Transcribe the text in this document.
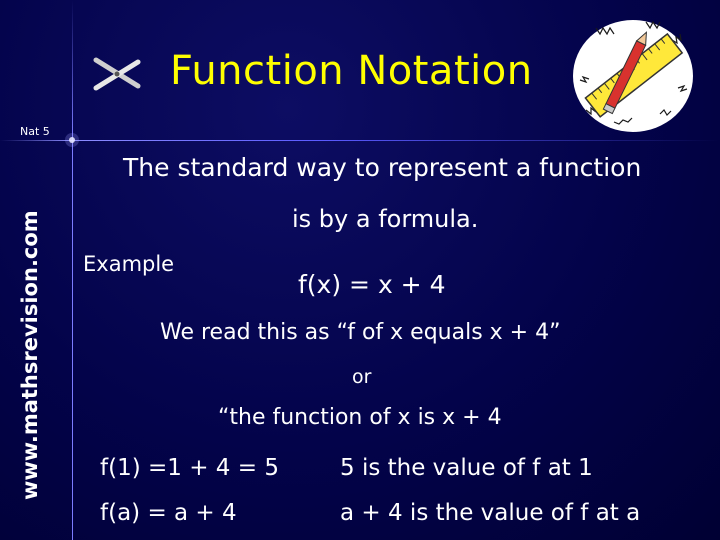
Function Notation
Nat 5
www.mathsrevision.com
The standard way to represent a function
is by a formula.
Example
f(x) = x + 4
We read this as “f of x equals x + 4”
or
“the function of x is x + 4
f(1) =1 + 4 = 5	5 is the value of f at 1
f(a) = a + 4	a + 4 is the value of f at a
